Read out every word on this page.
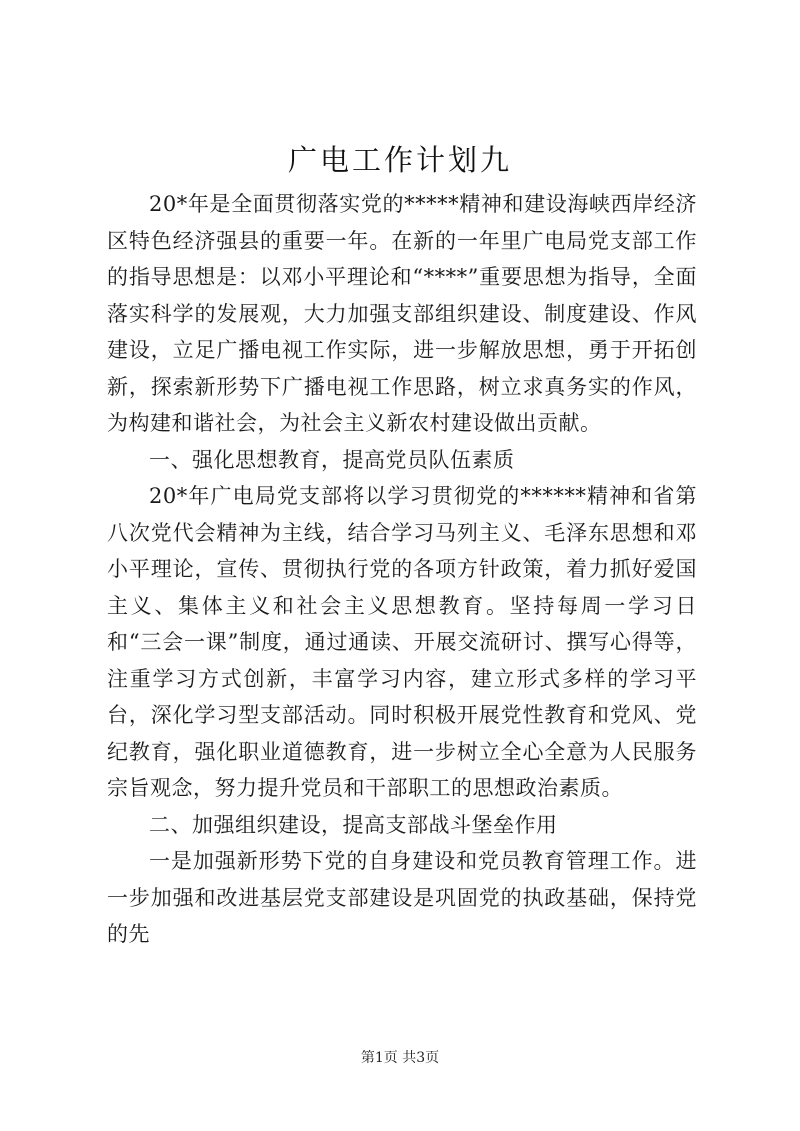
广电工作计划九

20*年是全面贯彻落实党的*****精神和建设海峡西岸经济区特色经济强县的重要一年。在新的一年里广电局党支部工作的指导思想是：以邓小平理论和“****”重要思想为指导，全面落实科学的发展观，大力加强支部组织建设、制度建设、作风建设，立足广播电视工作实际，进一步解放思想，勇于开拓创新，探索新形势下广播电视工作思路，树立求真务实的作风，为构建和谐社会，为社会主义新农村建设做出贡献。

一、强化思想教育，提高党员队伍素质

20*年广电局党支部将以学习贯彻党的******精神和省第八次党代会精神为主线，结合学习马列主义、毛泽东思想和邓小平理论，宣传、贯彻执行党的各项方针政策，着力抓好爱国主义、集体主义和社会主义思想教育。坚持每周一学习日和“三会一课”制度，通过通读、开展交流研讨、撰写心得等，注重学习方式创新，丰富学习内容，建立形式多样的学习平台，深化学习型支部活动。同时积极开展党性教育和党风、党纪教育，强化职业道德教育，进一步树立全心全意为人民服务宗旨观念，努力提升党员和干部职工的思想政治素质。

二、加强组织建设，提高支部战斗堡垒作用

一是加强新形势下党的自身建设和党员教育管理工作。进一步加强和改进基层党支部建设是巩固党的执政基础，保持党的先

第1页 共3页
